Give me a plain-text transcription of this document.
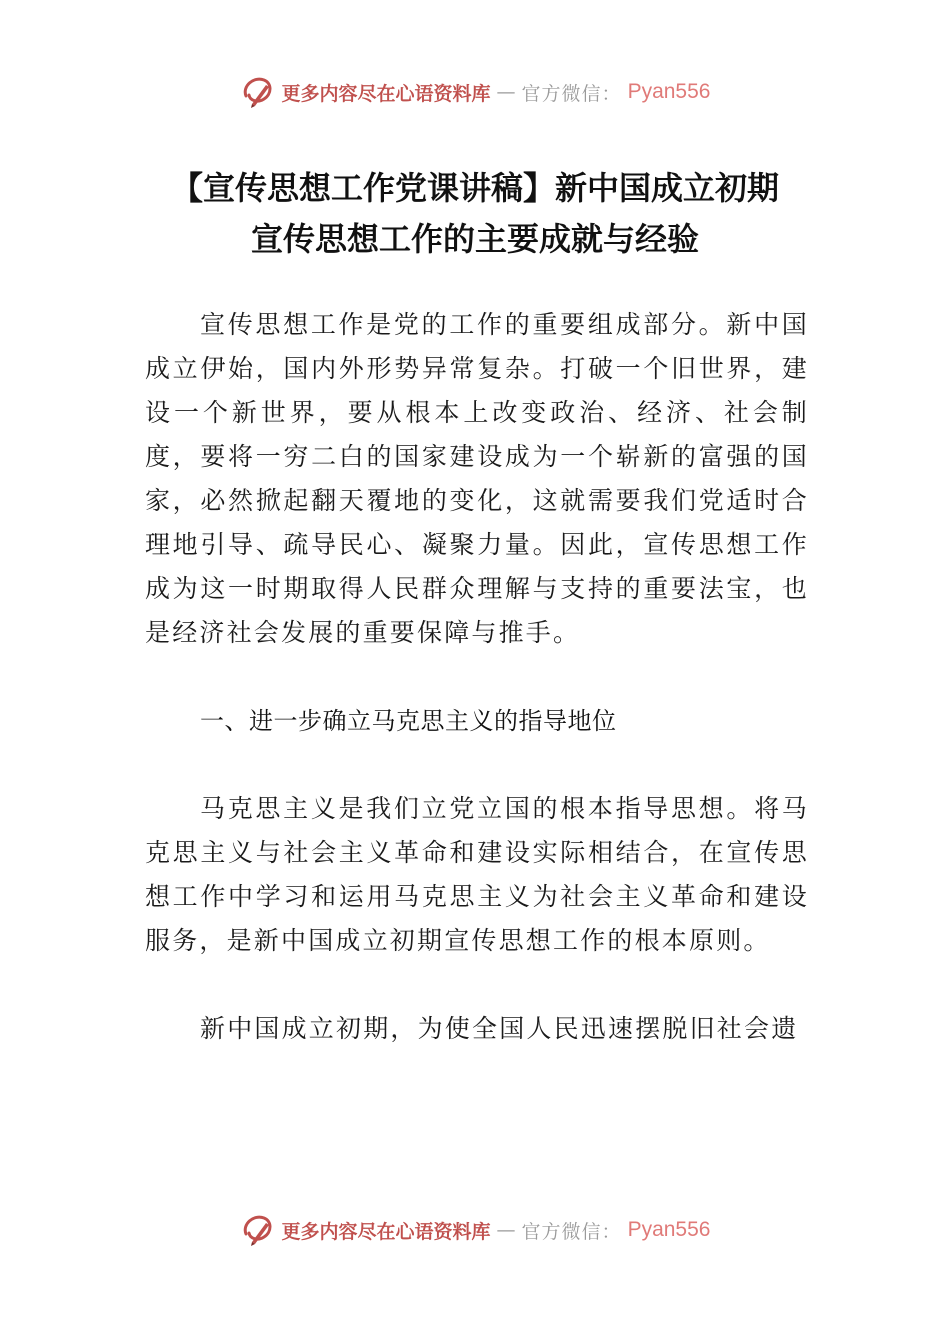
更多内容尽在心语资料库 — 官方微信： Pyan556
【宣传思想工作党课讲稿】新中国成立初期
宣传思想工作的主要成就与经验

宣传思想工作是党的工作的重要组成部分。新中国成立伊始，国内外形势异常复杂。打破一个旧世界，建设一个新世界，要从根本上改变政治、经济、社会制度，要将一穷二白的国家建设成为一个崭新的富强的国家，必然掀起翻天覆地的变化，这就需要我们党适时合理地引导、疏导民心、凝聚力量。因此，宣传思想工作成为这一时期取得人民群众理解与支持的重要法宝，也是经济社会发展的重要保障与推手。

一、进一步确立马克思主义的指导地位

马克思主义是我们立党立国的根本指导思想。将马克思主义与社会主义革命和建设实际相结合，在宣传思想工作中学习和运用马克思主义为社会主义革命和建设服务，是新中国成立初期宣传思想工作的根本原则。

新中国成立初期，为使全国人民迅速摆脱旧社会遗

更多内容尽在心语资料库 — 官方微信： Pyan556
